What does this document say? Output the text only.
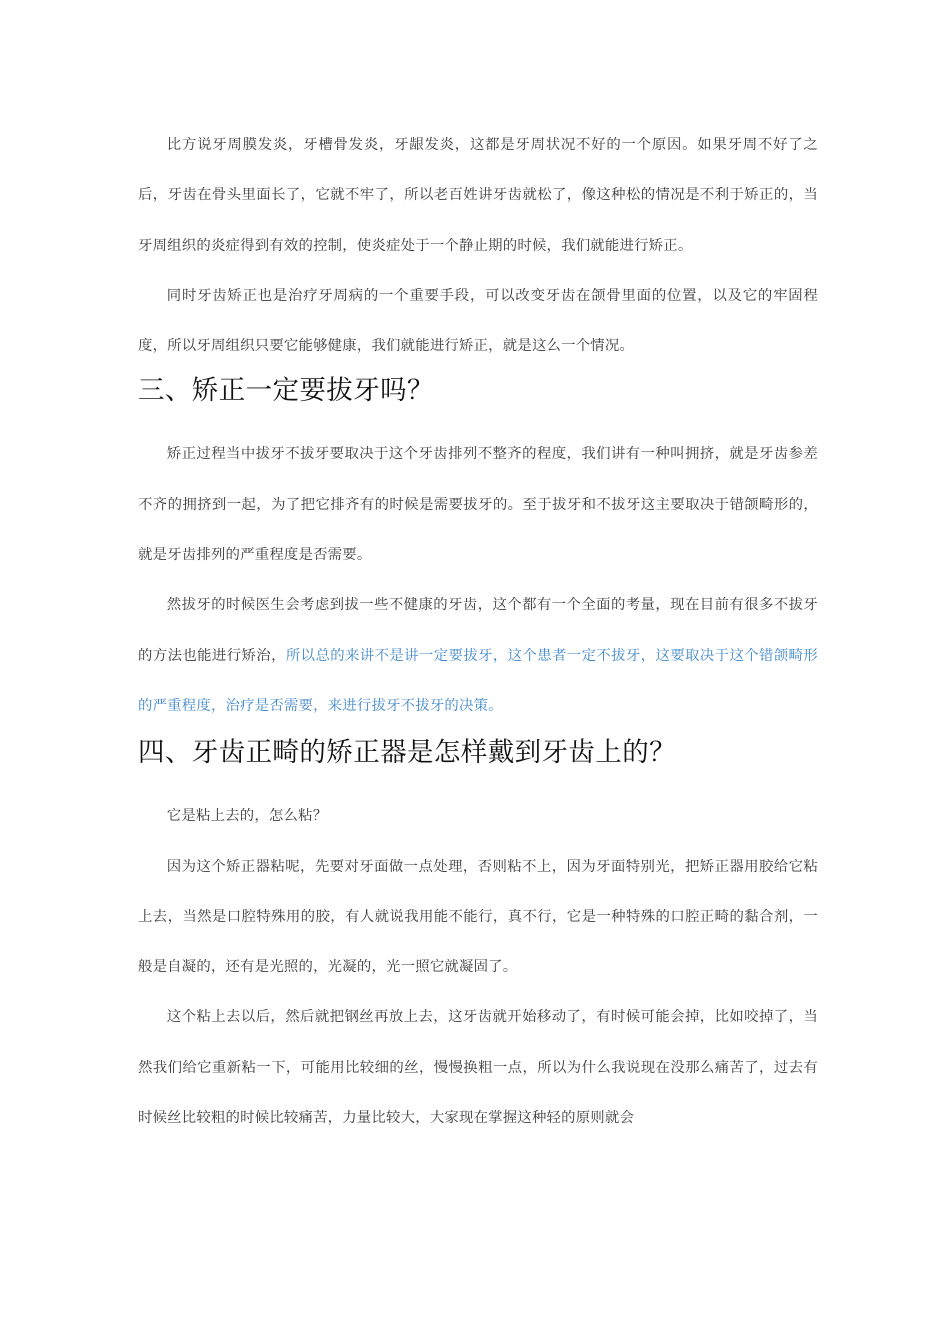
比方说牙周膜发炎，牙槽骨发炎，牙龈发炎，这都是牙周状况不好的一个原因。如果牙周不好了之后，牙齿在骨头里面长了，它就不牢了，所以老百姓讲牙齿就松了，像这种松的情况是不利于矫正的，当牙周组织的炎症得到有效的控制，使炎症处于一个静止期的时候，我们就能进行矫正。

同时牙齿矫正也是治疗牙周病的一个重要手段，可以改变牙齿在颌骨里面的位置，以及它的牢固程度，所以牙周组织只要它能够健康，我们就能进行矫正，就是这么一个情况。

三、矫正一定要拔牙吗？

矫正过程当中拔牙不拔牙要取决于这个牙齿排列不整齐的程度，我们讲有一种叫拥挤，就是牙齿参差不齐的拥挤到一起，为了把它排齐有的时候是需要拔牙的。至于拔牙和不拔牙这主要取决于错颌畸形的，就是牙齿排列的严重程度是否需要。

然拔牙的时候医生会考虑到拔一些不健康的牙齿，这个都有一个全面的考量，现在目前有很多不拔牙的方法也能进行矫治，所以总的来讲不是讲一定要拔牙，这个患者一定不拔牙，这要取决于这个错颌畸形的严重程度，治疗是否需要，来进行拔牙不拔牙的决策。

四、牙齿正畸的矫正器是怎样戴到牙齿上的？

它是粘上去的，怎么粘？

因为这个矫正器粘呢，先要对牙面做一点处理，否则粘不上，因为牙面特别光，把矫正器用胶给它粘上去，当然是口腔特殊用的胶，有人就说我用能不能行，真不行，它是一种特殊的口腔正畸的黏合剂，一般是自凝的，还有是光照的，光凝的，光一照它就凝固了。

这个粘上去以后，然后就把钢丝再放上去，这牙齿就开始移动了，有时候可能会掉，比如咬掉了，当然我们给它重新粘一下，可能用比较细的丝，慢慢换粗一点，所以为什么我说现在没那么痛苦了，过去有时候丝比较粗的时候比较痛苦，力量比较大，大家现在掌握这种轻的原则就会
